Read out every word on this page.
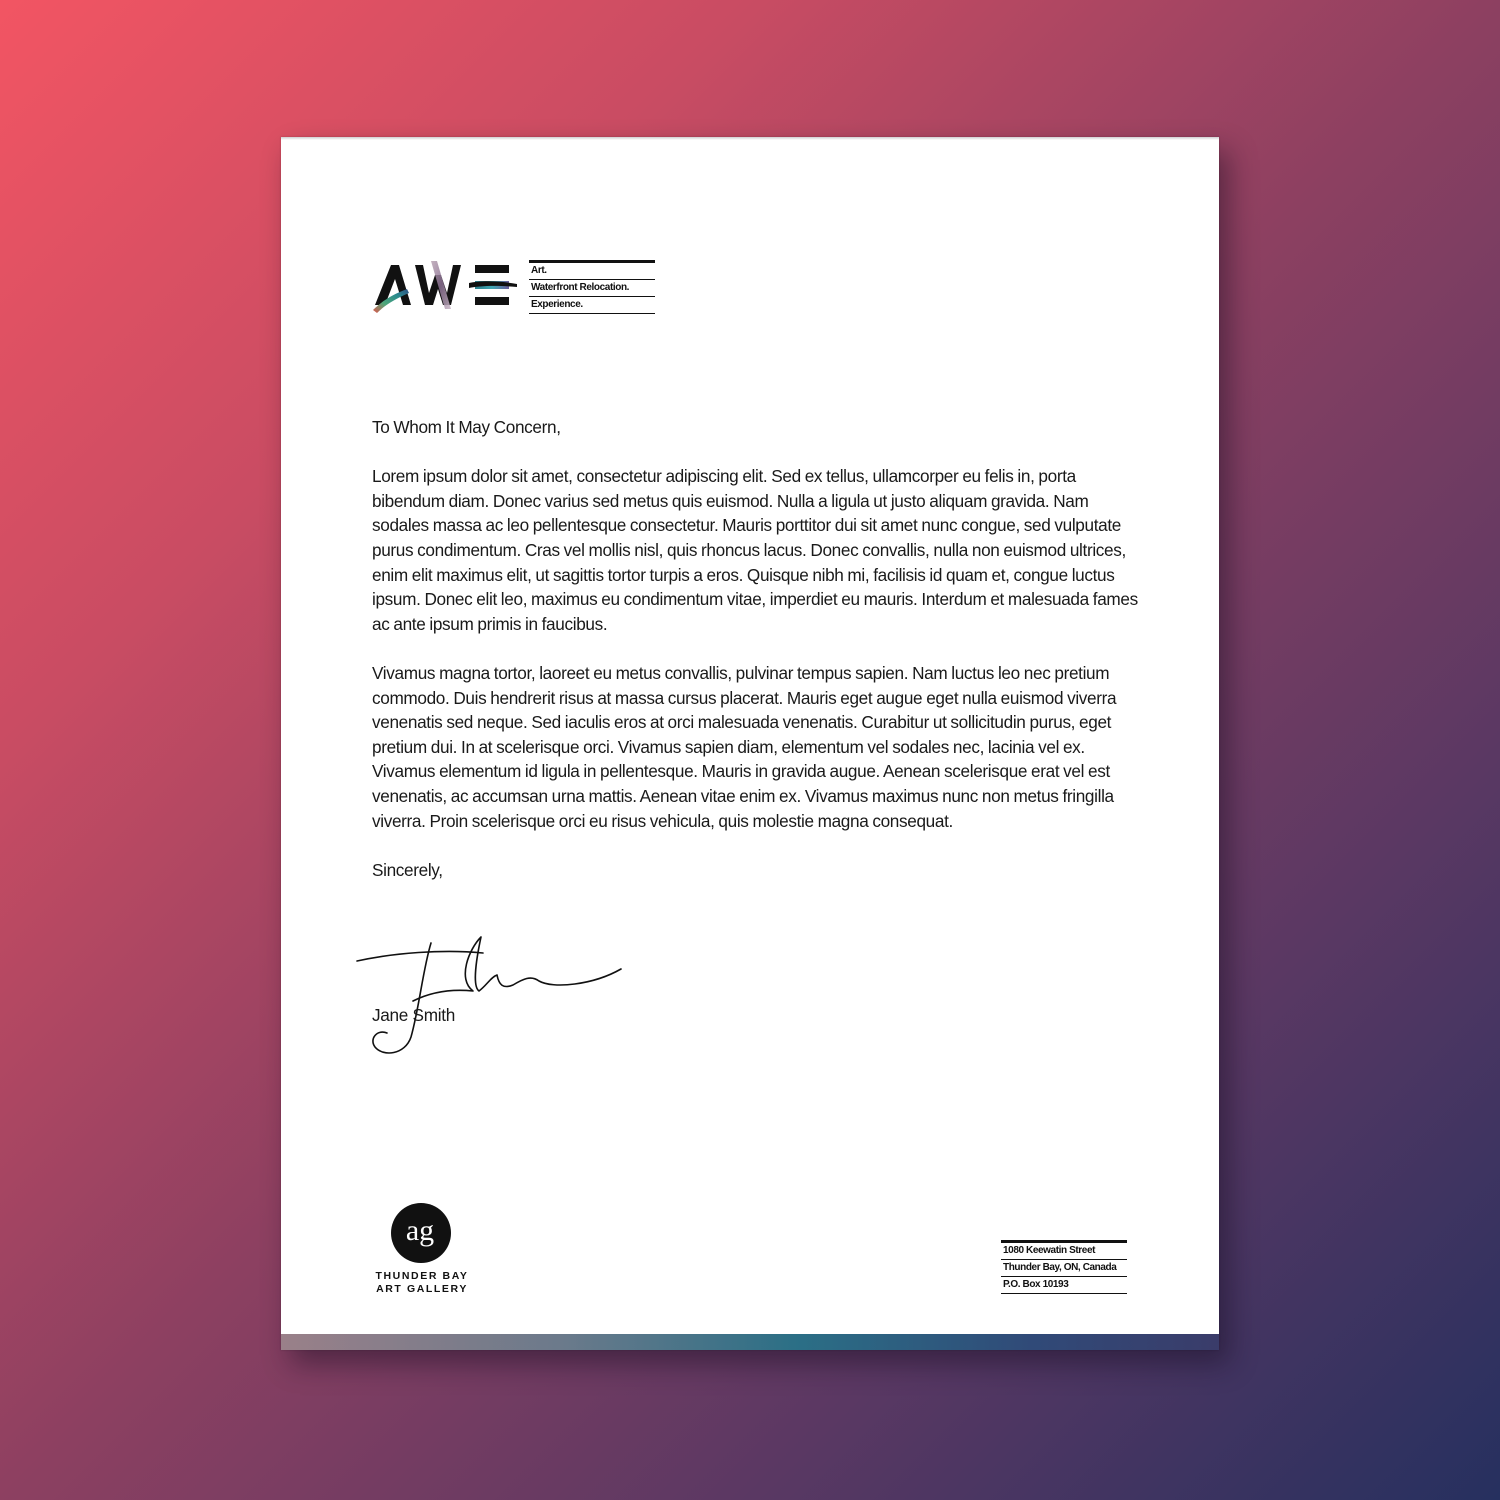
Art.
Waterfront Relocation.
Experience.

To Whom It May Concern,

Lorem ipsum dolor sit amet, consectetur adipiscing elit. Sed ex tellus, ullamcorper eu felis in, porta bibendum diam. Donec varius sed metus quis euismod. Nulla a ligula ut justo aliquam gravida. Nam sodales massa ac leo pellentesque consectetur. Mauris porttitor dui sit amet nunc congue, sed vulputate purus condimentum. Cras vel mollis nisl, quis rhoncus lacus. Donec convallis, nulla non euismod ultrices, enim elit maximus elit, ut sagittis tortor turpis a eros. Quisque nibh mi, facilisis id quam et, congue luctus ipsum. Donec elit leo, maximus eu condimentum vitae, imperdiet eu mauris. Interdum et malesuada fames ac ante ipsum primis in faucibus.

Vivamus magna tortor, laoreet eu metus convallis, pulvinar tempus sapien. Nam luctus leo nec pretium commodo. Duis hendrerit risus at massa cursus placerat. Mauris eget augue eget nulla euismod viverra venenatis sed neque. Sed iaculis eros at orci malesuada venenatis. Curabitur ut sollicitudin purus, eget pretium dui. In at scelerisque orci. Vivamus sapien diam, elementum vel sodales nec, lacinia vel ex. Vivamus elementum id ligula in pellentesque. Mauris in gravida augue. Aenean scelerisque erat vel est venenatis, ac accumsan urna mattis. Aenean vitae enim ex. Vivamus maximus nunc non metus fringilla viverra. Proin scelerisque orci eu risus vehicula, quis molestie magna consequat.

Sincerely,

Jane Smith
ag
THUNDER BAY
ART GALLERY
1080 Keewatin Street
Thunder Bay, ON, Canada
P.O. Box 10193
